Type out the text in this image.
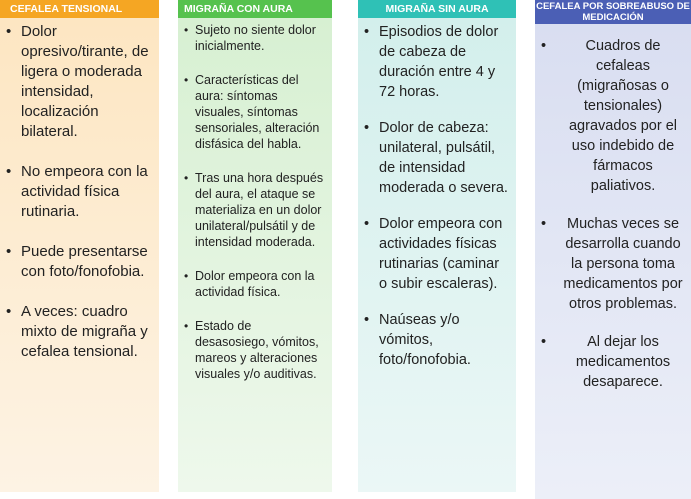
CEFALEA TENSIONAL
• Dolor opresivo/tirante, de ligera o moderada intensidad, localización bilateral.
• No empeora con la actividad física rutinaria.
• Puede presentarse con foto/fonofobia.
• A veces: cuadro mixto de migraña y cefalea tensional.
MIGRAÑA CON AURA
• Sujeto no siente dolor inicialmente.
• Características del aura: síntomas visuales, síntomas sensoriales, alteración disfásica del habla.
• Tras una hora después del aura, el ataque se materializa en un dolor unilateral/pulsátil y de intensidad moderada.
• Dolor empeora con la actividad física.
• Estado de desasosiego, vómitos, mareos y alteraciones visuales y/o auditivas.
MIGRAÑA SIN AURA
• Episodios de dolor de cabeza de duración entre 4 y 72 horas.
• Dolor de cabeza: unilateral, pulsátil, de intensidad moderada o severa.
• Dolor empeora con actividades físicas rutinarias (caminar o subir escaleras).
• Naúseas y/o vómitos, foto/fonofobia.
CEFALEA POR SOBREABUSO DE MEDICACIÓN
• Cuadros de cefaleas (migrañosas o tensionales) agravados por el uso indebido de fármacos paliativos.
• Muchas veces se desarrolla cuando la persona toma medicamentos por otros problemas.
• Al dejar los medicamentos desaparece.
